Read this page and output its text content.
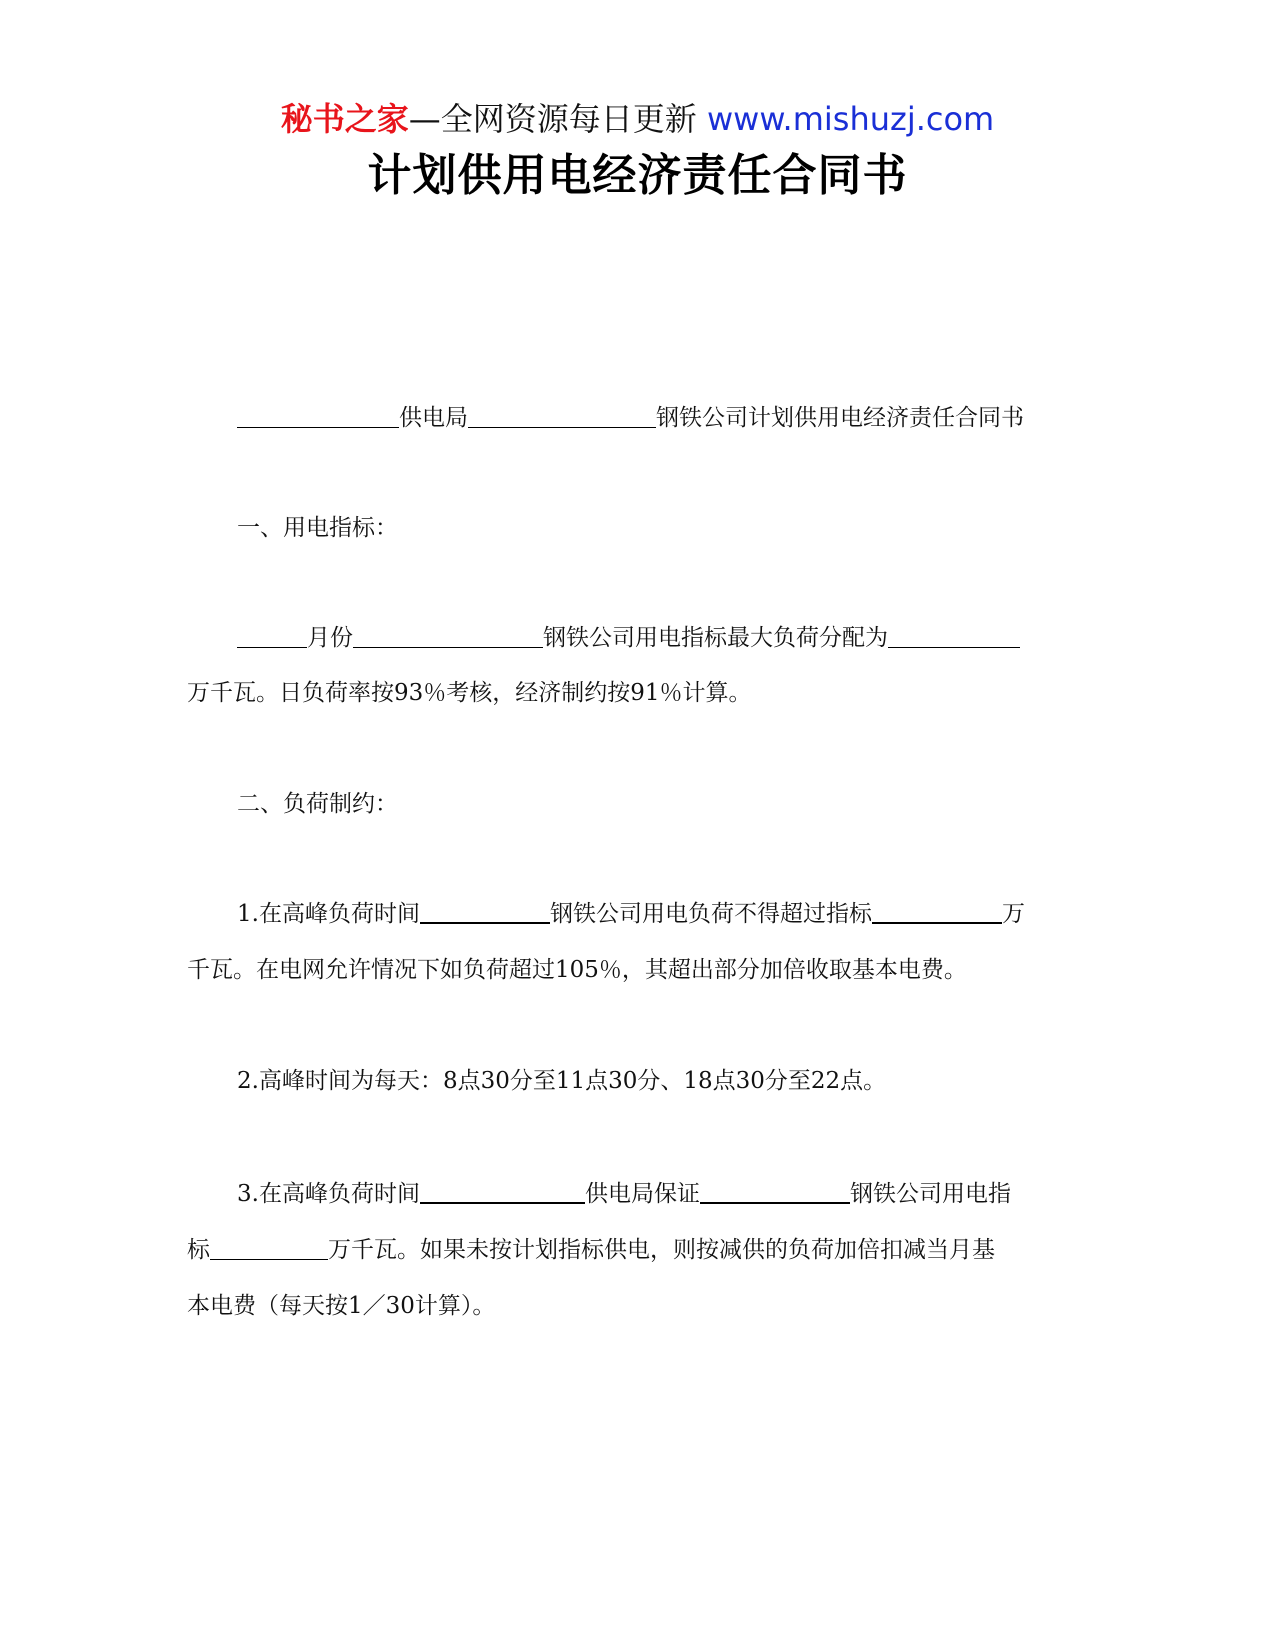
秘书之家—全网资源每日更新 www.mishuzj.com
计划供用电经济责任合同书
供电局	钢铁公司计划供用电经济责任合同书
一、用电指标：
月份	钢铁公司用电指标最大负荷分配为
万千瓦。日负荷率按93％考核，经济制约按91％计算。
二、负荷制约：
1.在高峰负荷时间	钢铁公司用电负荷不得超过指标	万
千瓦。在电网允许情况下如负荷超过105％，其超出部分加倍收取基本电费。
2.高峰时间为每天：8点30分至11点30分、18点30分至22点。
3.在高峰负荷时间	供电局保证	钢铁公司用电指
标	万千瓦。如果未按计划指标供电，则按减供的负荷加倍扣减当月基
本电费（每天按1／30计算）。
